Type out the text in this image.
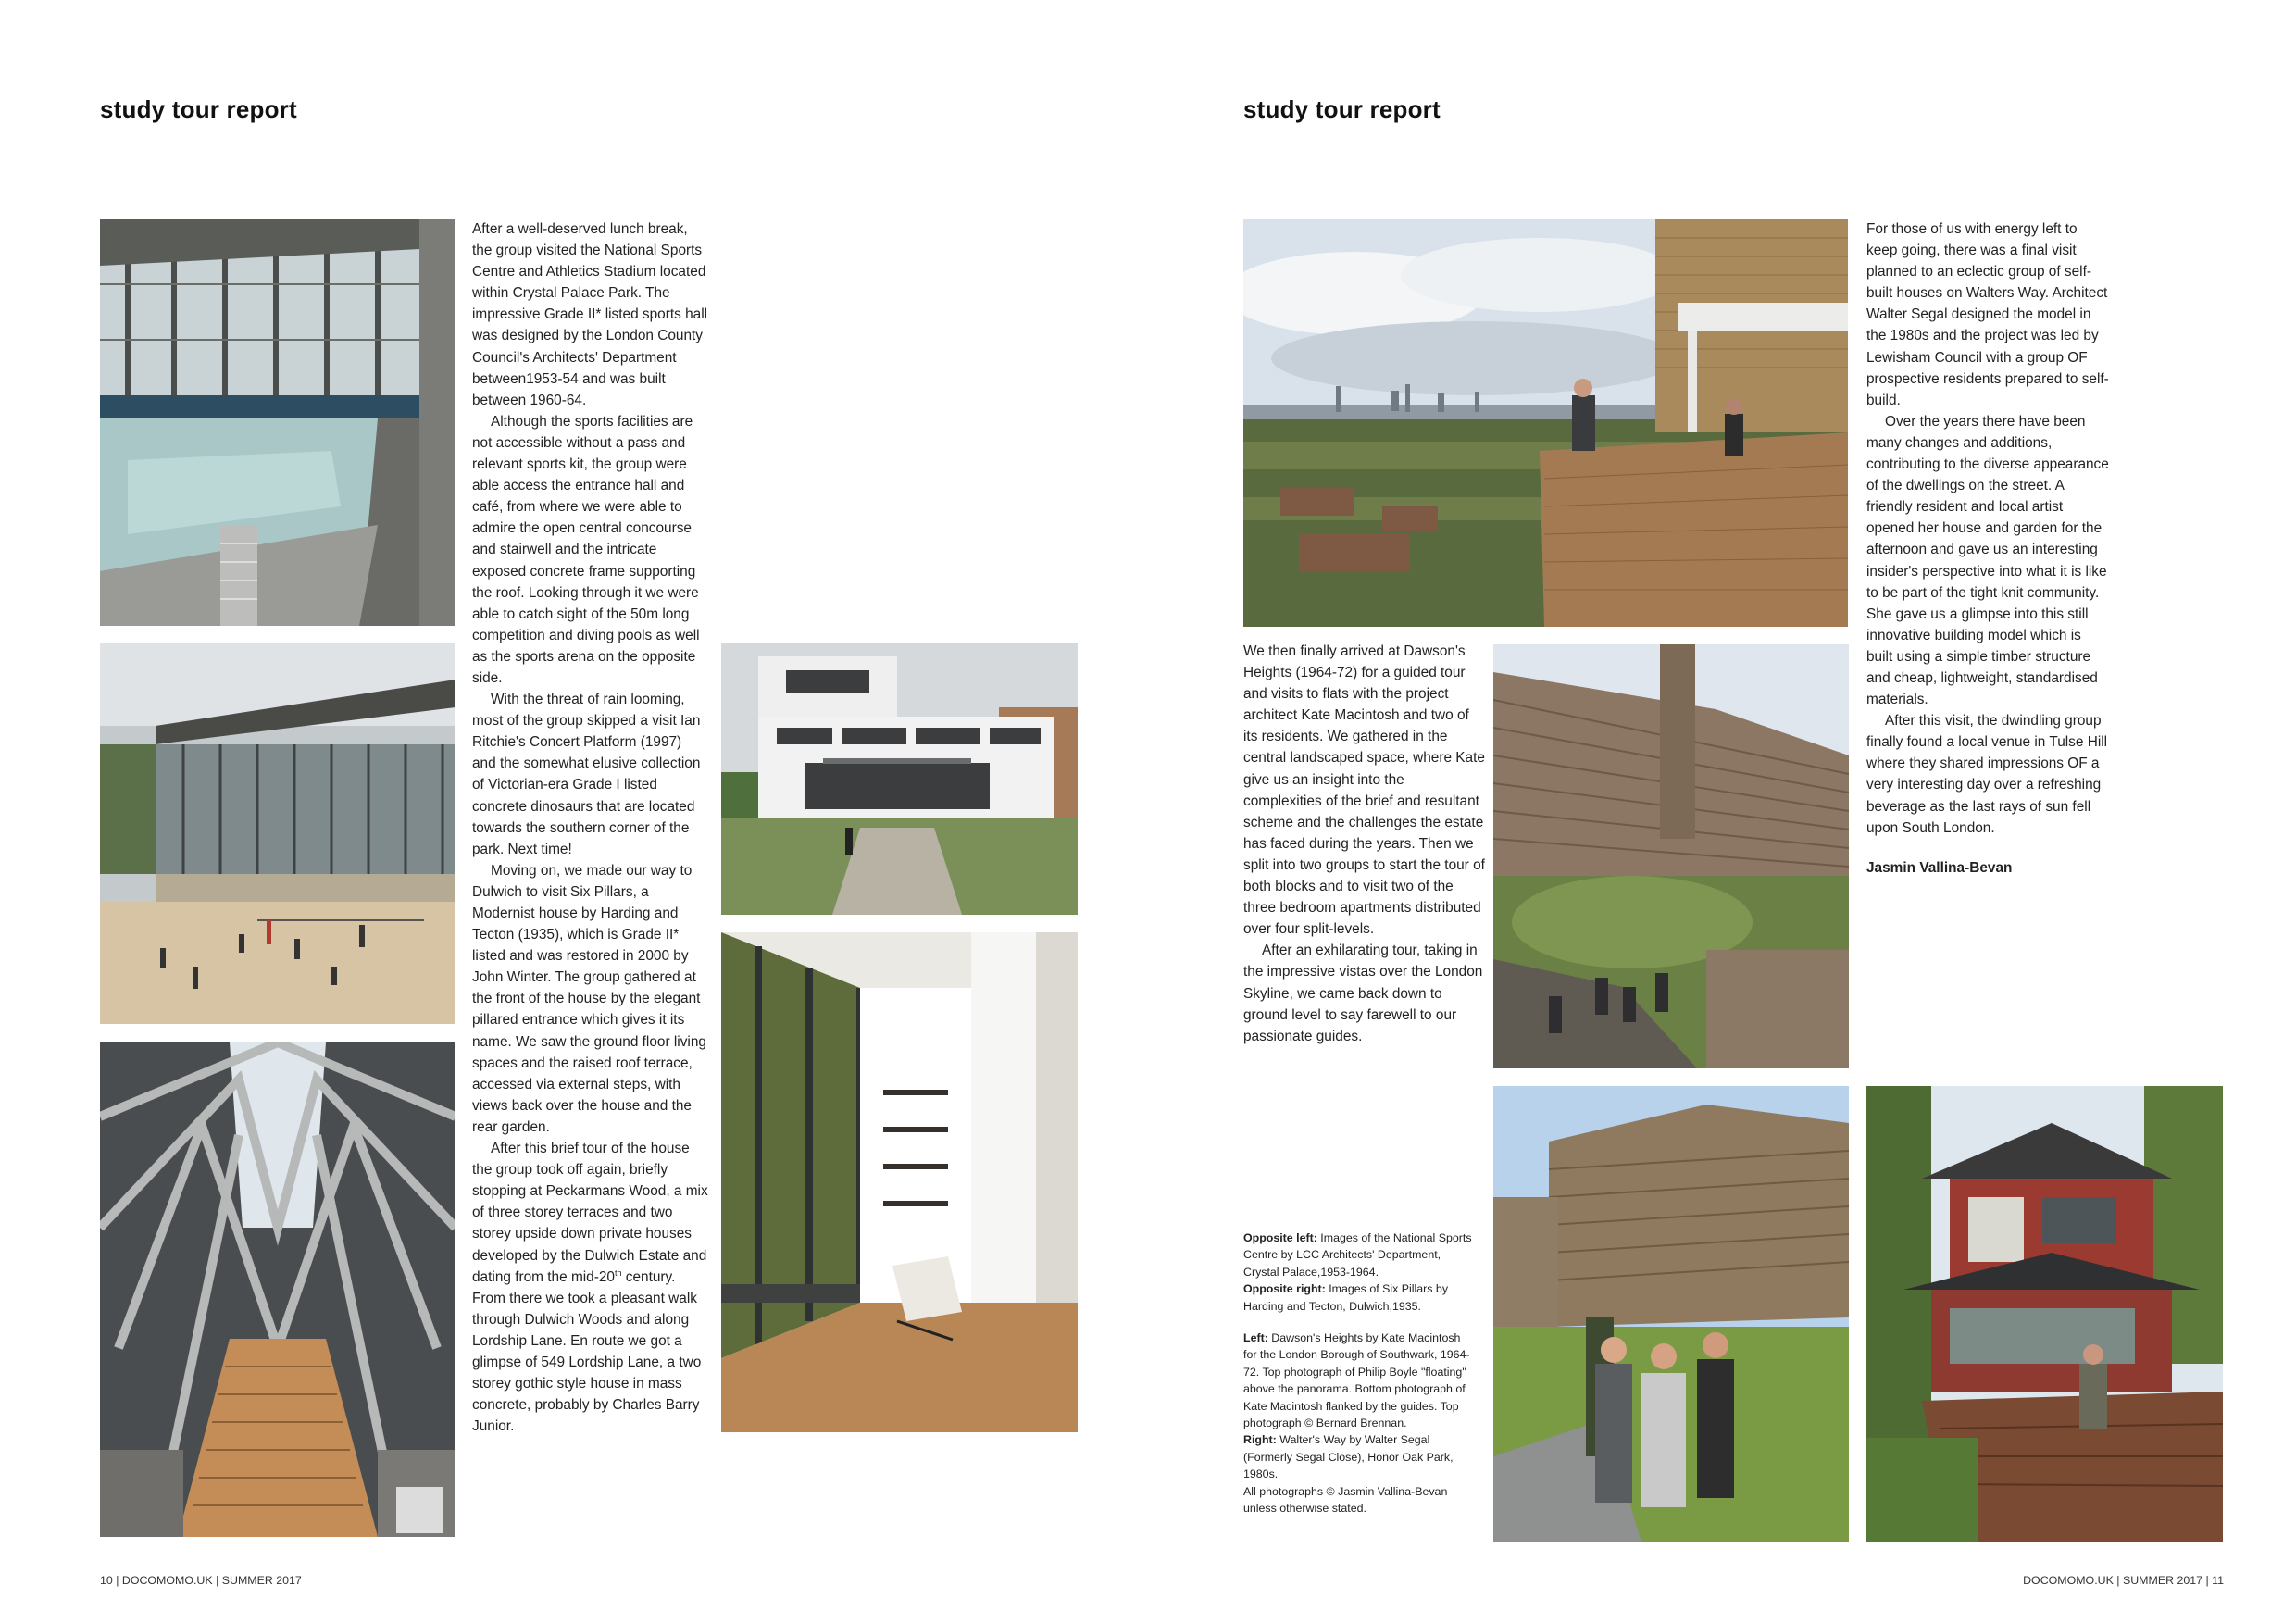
study tour report

After a well-deserved lunch break, the group visited the National Sports Centre and Athletics Stadium located within Crystal Palace Park. The impressive Grade II* listed sports hall was designed by the London County Council's Architects' Department between1953-54 and was built between 1960-64.

Although the sports facilities are not accessible without a pass and relevant sports kit, the group were able access the entrance hall and café, from where we were able to admire the open central concourse and stairwell and the intricate exposed concrete frame supporting the roof. Looking through it we were able to catch sight of the 50m long competition and diving pools as well as the sports arena on the opposite side.

With the threat of rain looming, most of the group skipped a visit Ian Ritchie's Concert Platform (1997) and the somewhat elusive collection of Victorian-era Grade I listed concrete dinosaurs that are located towards the southern corner of the park. Next time!

Moving on, we made our way to Dulwich to visit Six Pillars, a Modernist house by Harding and Tecton (1935), which is Grade II* listed and was restored in 2000 by John Winter. The group gathered at the front of the house by the elegant pillared entrance which gives it its name. We saw the ground floor living spaces and the raised roof terrace, accessed via external steps, with views back over the house and the rear garden.

After this brief tour of the house the group took off again, briefly stopping at Peckarmans Wood, a mix of three storey terraces and two storey upside down private houses developed by the Dulwich Estate and dating from the mid-20th century. From there we took a pleasant walk through Dulwich Woods and along Lordship Lane. En route we got a glimpse of 549 Lordship Lane, a two storey gothic style house in mass concrete, probably by Charles Barry Junior.

10 | DOCOMOMO.UK | SUMMER 2017
study tour report

We then finally arrived at Dawson's Heights (1964-72) for a guided tour and visits to flats with the project architect Kate Macintosh and two of its residents. We gathered in the central landscaped space, where Kate give us an insight into the complexities of the brief and resultant scheme and the challenges the estate has faced during the years. Then we split into two groups to start the tour of both blocks and to visit two of the three bedroom apartments distributed over four split-levels.

After an exhilarating tour, taking in the impressive vistas over the London Skyline, we came back down to ground level to say farewell to our passionate guides.

For those of us with energy left to keep going, there was a final visit planned to an eclectic group of self-built houses on Walters Way. Architect Walter Segal designed the model in the 1980s and the project was led by Lewisham Council with a group OF prospective residents prepared to self-build.

Over the years there have been many changes and additions, contributing to the diverse appearance of the dwellings on the street. A friendly resident and local artist opened her house and garden for the afternoon and gave us an interesting insider's perspective into what it is like to be part of the tight knit community. She gave us a glimpse into this still innovative building model which is built using a simple timber structure and cheap, lightweight, standardised materials.

After this visit, the dwindling group finally found a local venue in Tulse Hill where they shared impressions OF a very interesting day over a refreshing beverage as the last rays of sun fell upon South London.

Jasmin Vallina-Bevan

Opposite left: Images of the National Sports Centre by LCC Architects' Department, Crystal Palace,1953-1964.
Opposite right: Images of Six Pillars by Harding and Tecton, Dulwich,1935.
Left: Dawson's Heights by Kate Macintosh for the London Borough of Southwark, 1964-72. Top photograph of Philip Boyle "floating" above the panorama. Bottom photograph of Kate Macintosh flanked by the guides. Top photograph © Bernard Brennan.
Right: Walter's Way by Walter Segal (Formerly Segal Close), Honor Oak Park, 1980s.
All photographs © Jasmin Vallina-Bevan unless otherwise stated.
DOCOMOMO.UK | SUMMER 2017 | 11
